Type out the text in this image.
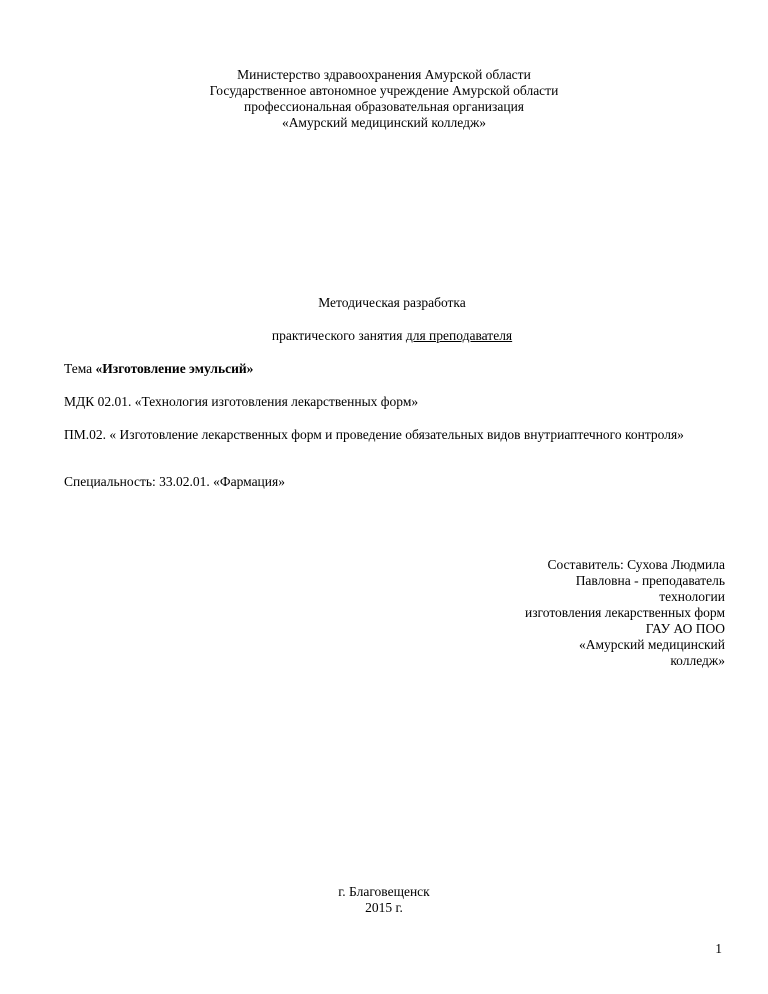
Министерство здравоохранения Амурской области
Государственное автономное учреждение Амурской области
профессиональная образовательная организация
«Амурский медицинский колледж»
Методическая разработка
практического занятия для преподавателя
Тема «Изготовление эмульсий»
МДК 02.01. «Технология изготовления лекарственных форм»
ПМ.02. « Изготовление лекарственных форм и проведение обязательных видов внутриаптечного контроля»
Специальность: 33.02.01. «Фармация»
Составитель: Сухова Людмила
Павловна - преподаватель
технологии
изготовления лекарственных форм
ГАУ АО ПОО
«Амурский медицинский
колледж»
г. Благовещенск
2015 г.
1
